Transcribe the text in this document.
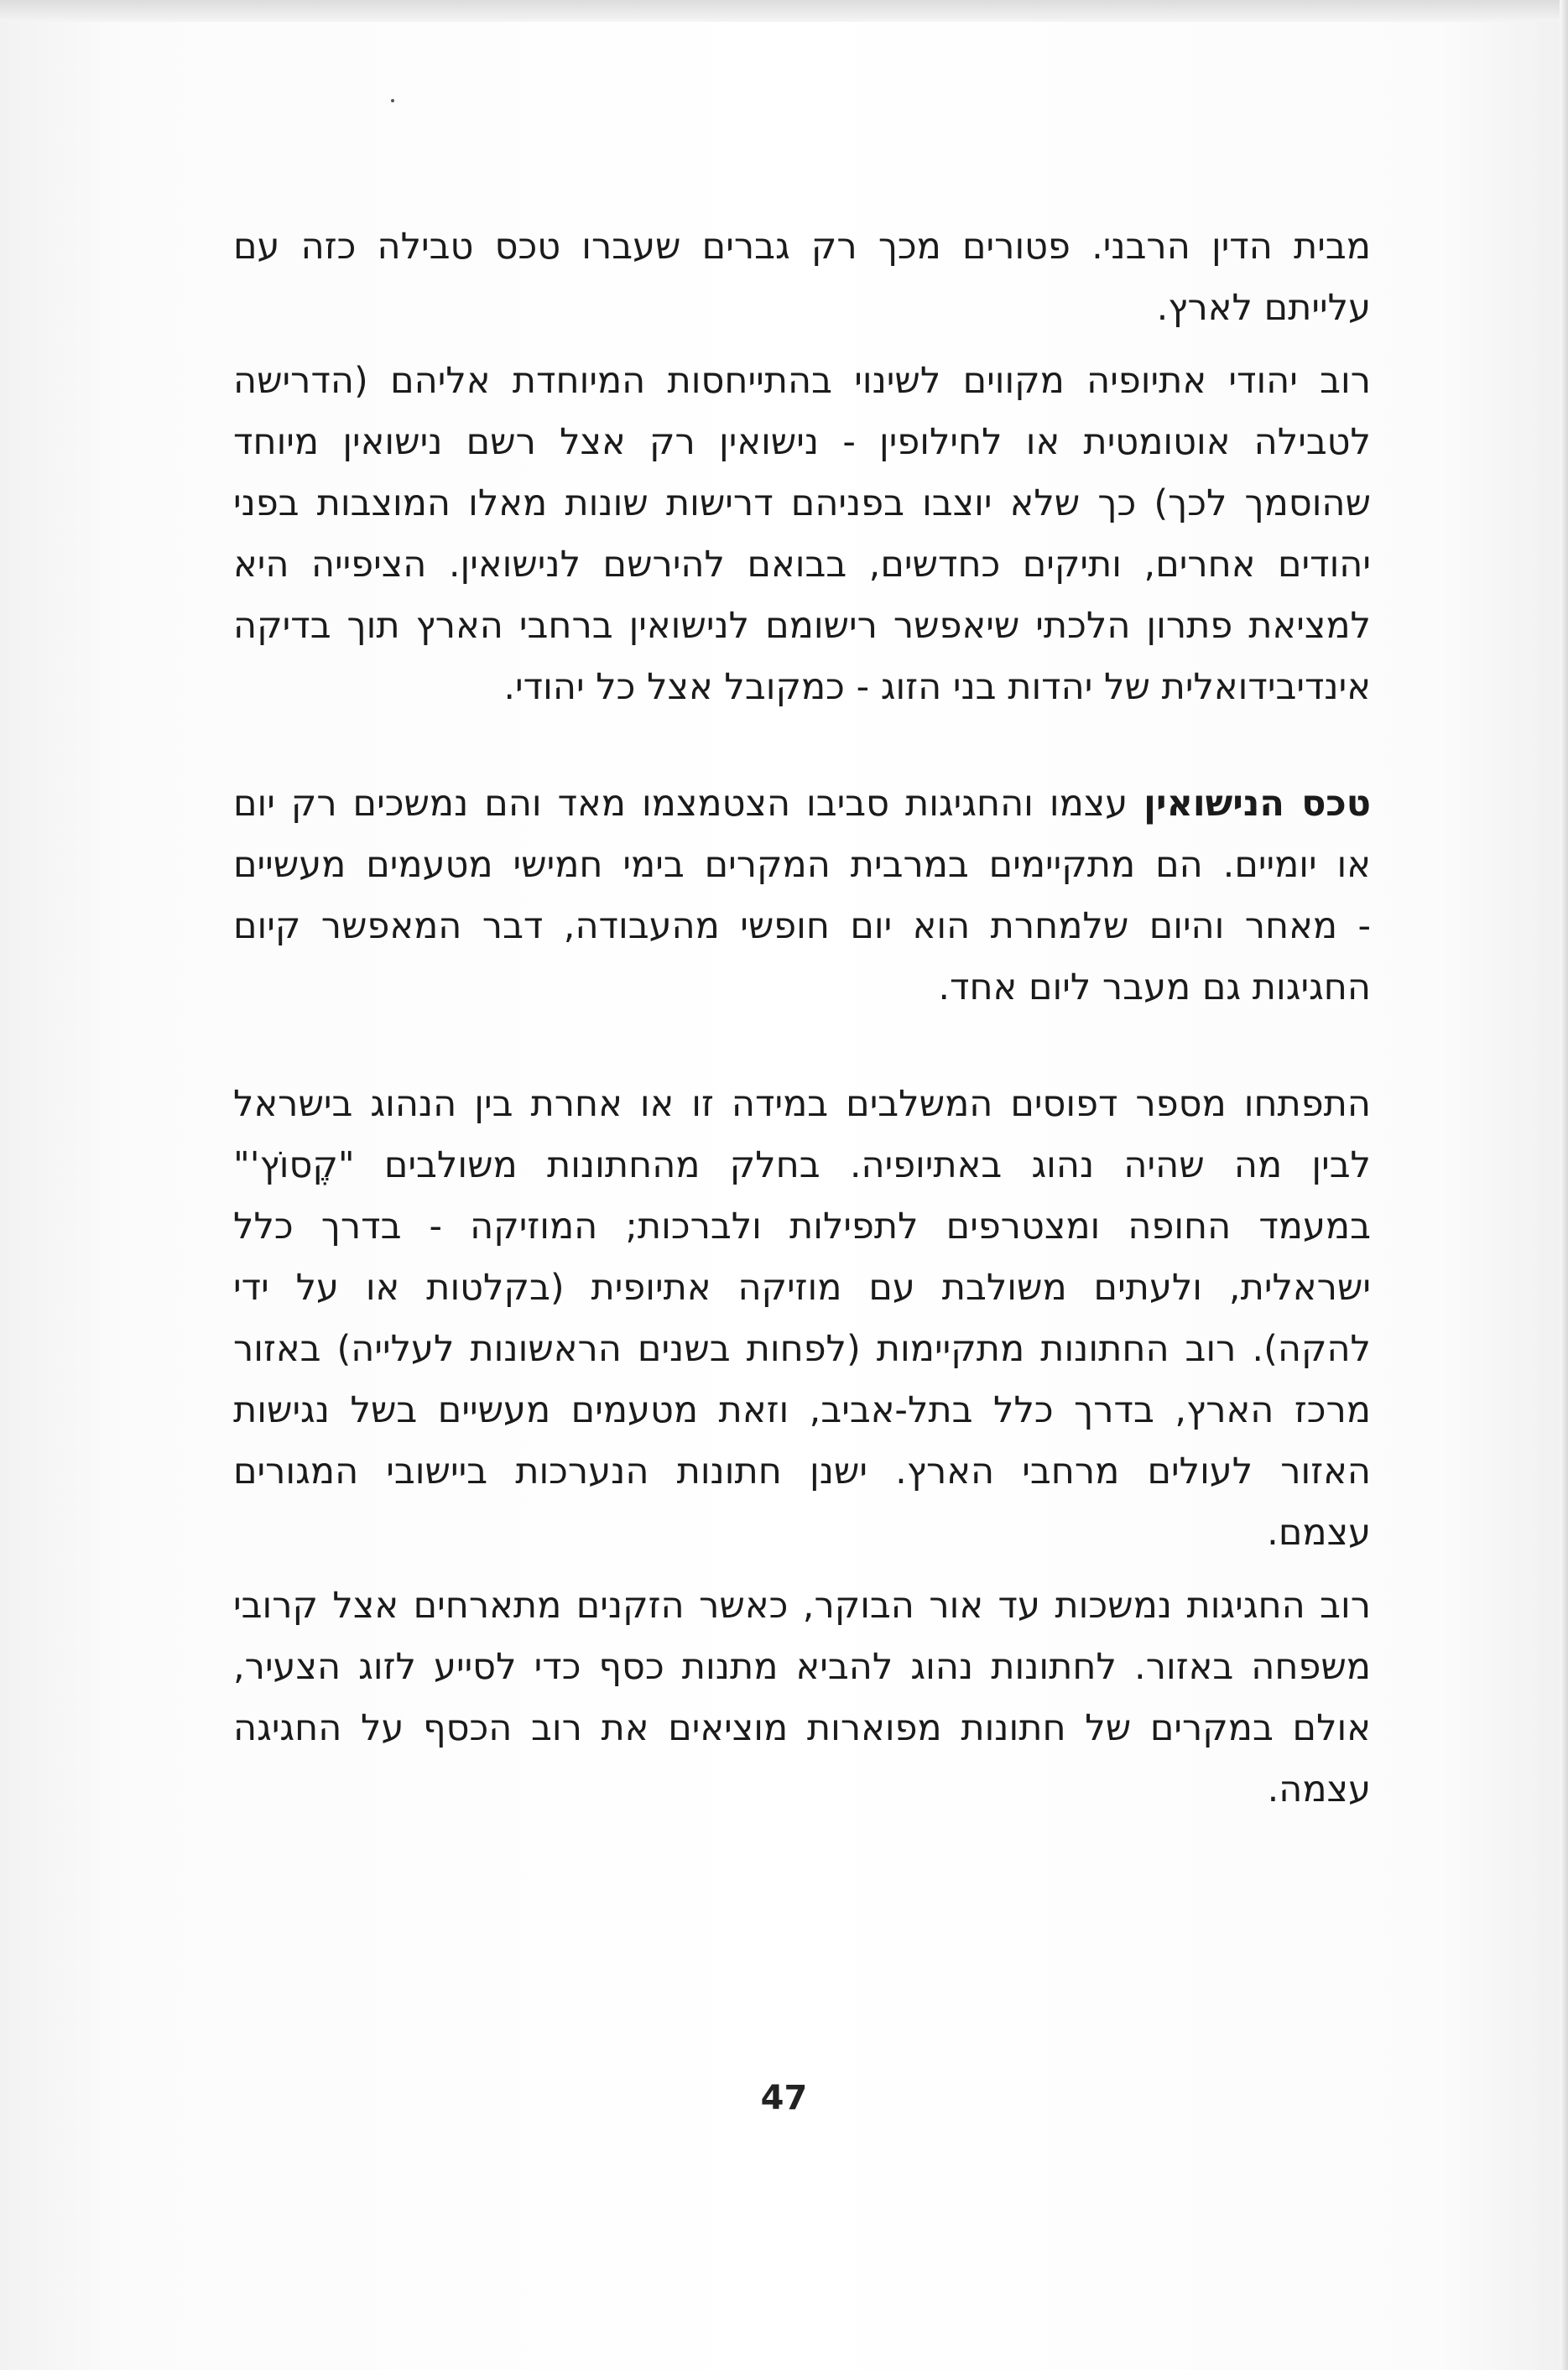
מבית הדין הרבני. פטורים מכך רק גברים שעברו טכס טבילה כזה עם
עלייתם לארץ.

רוב יהודי אתיופיה מקווים לשינוי בהתייחסות המיוחדת אליהם (הדרישה
לטבילה אוטומטית או לחילופין - נישואין רק אצל רשם נישואין מיוחד
שהוסמך לכך) כך שלא יוצבו בפניהם דרישות שונות מאלו המוצבות בפני
יהודים אחרים, ותיקים כחדשים, בבואם להירשם לנישואין. הציפייה היא
למציאת פתרון הלכתי שיאפשר רישומם לנישואין ברחבי הארץ תוך בדיקה
אינדיבידואלית של יהדות בני הזוג - כמקובל אצל כל יהודי.

טכס הנישואין עצמו והחגיגות סביבו הצטמצמו מאד והם נמשכים רק יום
או יומיים. הם מתקיימים במרבית המקרים בימי חמישי מטעמים מעשיים
- מאחר והיום שלמחרת הוא יום חופשי מהעבודה, דבר המאפשר קיום
החגיגות גם מעבר ליום אחד.

התפתחו מספר דפוסים המשלבים במידה זו או אחרת בין הנהוג בישראל
לבין מה שהיה נהוג באתיופיה. בחלק מהחתונות משולבים "קֶסוֹץ'"
במעמד החופה ומצטרפים לתפילות ולברכות; המוזיקה - בדרך כלל
ישראלית, ולעתים משולבת עם מוזיקה אתיופית (בקלטות או על ידי
להקה). רוב החתונות מתקיימות (לפחות בשנים הראשונות לעלייה) באזור
מרכז הארץ, בדרך כלל בתל-אביב, וזאת מטעמים מעשיים בשל נגישות
האזור לעולים מרחבי הארץ. ישנן חתונות הנערכות ביישובי המגורים
עצמם.

רוב החגיגות נמשכות עד אור הבוקר, כאשר הזקנים מתארחים אצל קרובי
משפחה באזור. לחתונות נהוג להביא מתנות כסף כדי לסייע לזוג הצעיר,
אולם במקרים של חתונות מפוארות מוציאים את רוב הכסף על החגיגה
עצמה.

47
